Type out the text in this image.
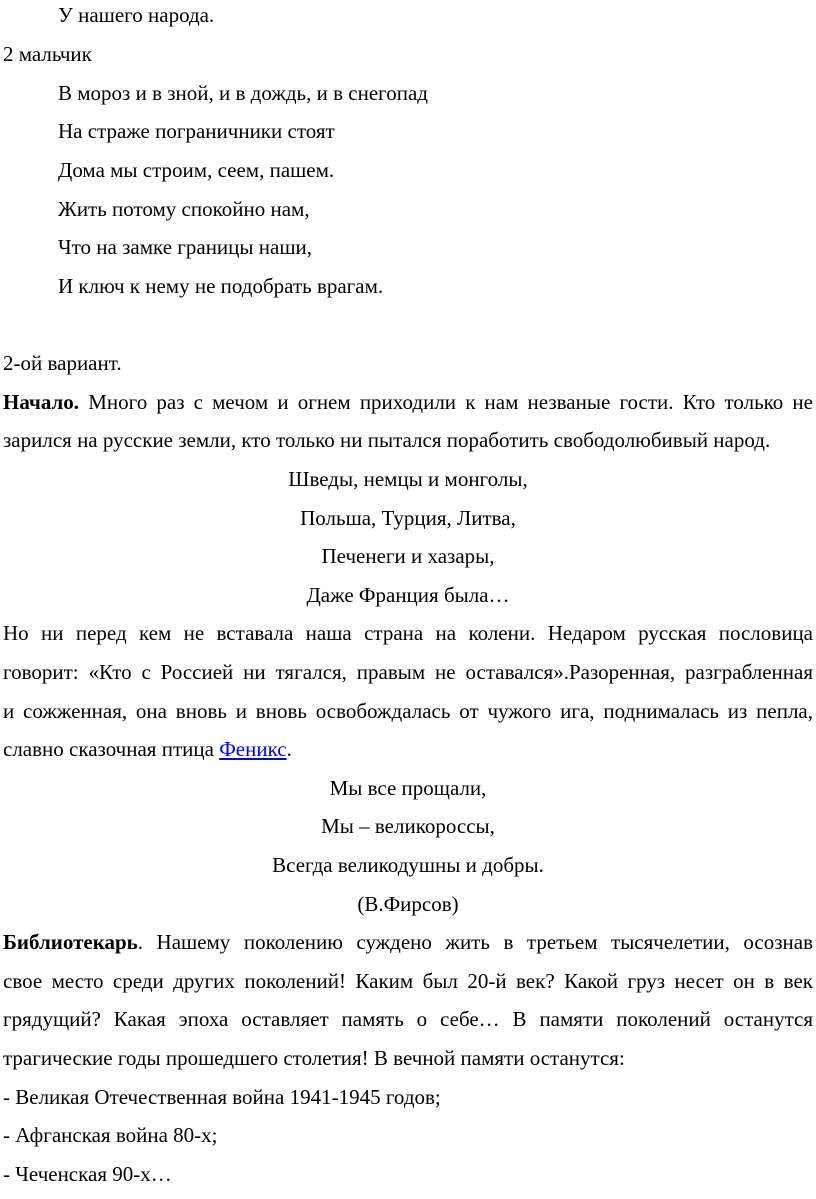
У нашего народа.
2 мальчик
В мороз и в зной, и в дождь, и в снегопад
На страже пограничники стоят
Дома мы строим, сеем, пашем.
Жить потому спокойно нам,
Что на замке границы наши,
И ключ к нему не подобрать врагам.
2-ой вариант.
Начало. Много раз с мечом и огнем приходили к нам незваные гости. Кто только не
зарился на русские земли, кто только ни пытался поработить свободолюбивый народ.
Шведы, немцы и монголы,
Польша, Турция, Литва,
Печенеги и хазары,
Даже Франция была…
Но ни перед кем не вставала наша страна на колени. Недаром русская пословица
говорит: «Кто с Россией ни тягался, правым не оставался».Разоренная, разграбленная
и сожженная, она вновь и вновь освобождалась от чужого ига, поднималась из пепла,
славно сказочная птица Феникс.
Мы все прощали,
Мы – великороссы,
Всегда великодушны и добры.
(В.Фирсов)
Библиотекарь. Нашему поколению суждено жить в третьем тысячелетии, осознав
свое место среди других поколений! Каким был 20-й век? Какой груз несет он в век
грядущий? Какая эпоха оставляет память о себе… В памяти поколений останутся
трагические годы прошедшего столетия! В вечной памяти останутся:
- Великая Отечественная война 1941-1945 годов;
- Афганская война 80-х;
- Чеченская 90-х…
